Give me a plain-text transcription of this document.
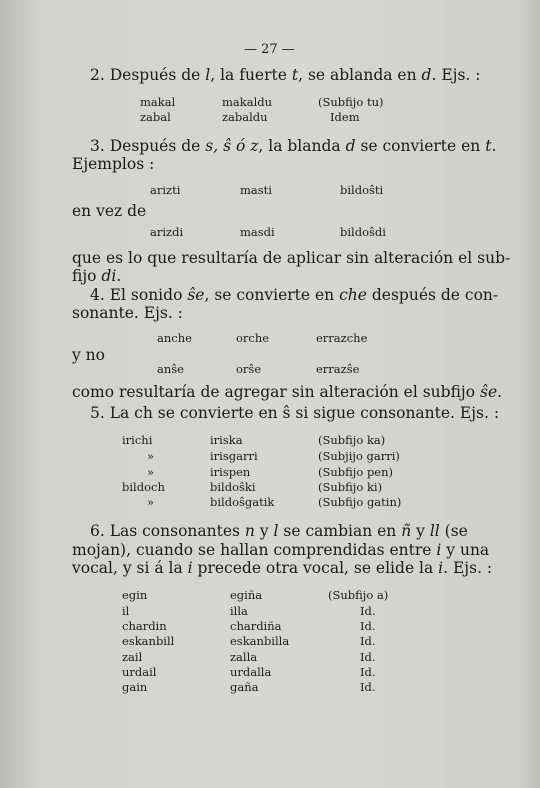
— 27 —
2. Después de l, la fuerte t, se ablanda en d. Ejs. :
makal	makaldu	(Subfijo tu)
zabal	zabaldu	Idem
3. Después de s, ŝ ó z, la blanda d se convierte en t.
Ejemplos :
arizti	masti	bildoŝti
en vez de
arizdi	masdi	bildoŝdi
que es lo que resultaría de aplicar sin alteración el sub-
fijo di.
4. El sonido ŝe, se convierte en che después de con-
sonante. Ejs. :
anche	orche	errazche
y no
anŝe	orŝe	errazŝe
como resultaría de agregar sin alteración el subfijo ŝe.
5. La ch se convierte en ŝ si sigue consonante. Ejs. :
irichi	iriska	(Subfijo ka)
»	irisgarri	(Subjijo garri)
»	irispen	(Subfijo pen)
bildoch	bildoŝki	(Subfijo ki)
»	bildoŝgatik	(Subfijo gatin)
6. Las consonantes n y l se cambian en ñ y ll (se
mojan), cuando se hallan comprendidas entre i y una
vocal, y si á la i precede otra vocal, se elide la i. Ejs. :
egin	egiña	(Subfijo a)
il	illa	Id.
chardin	chardiña	Id.
eskanbill	eskanbilla	Id.
zail	zalla	Id.
urdail	urdalla	Id.
gain	gaña	Id.
